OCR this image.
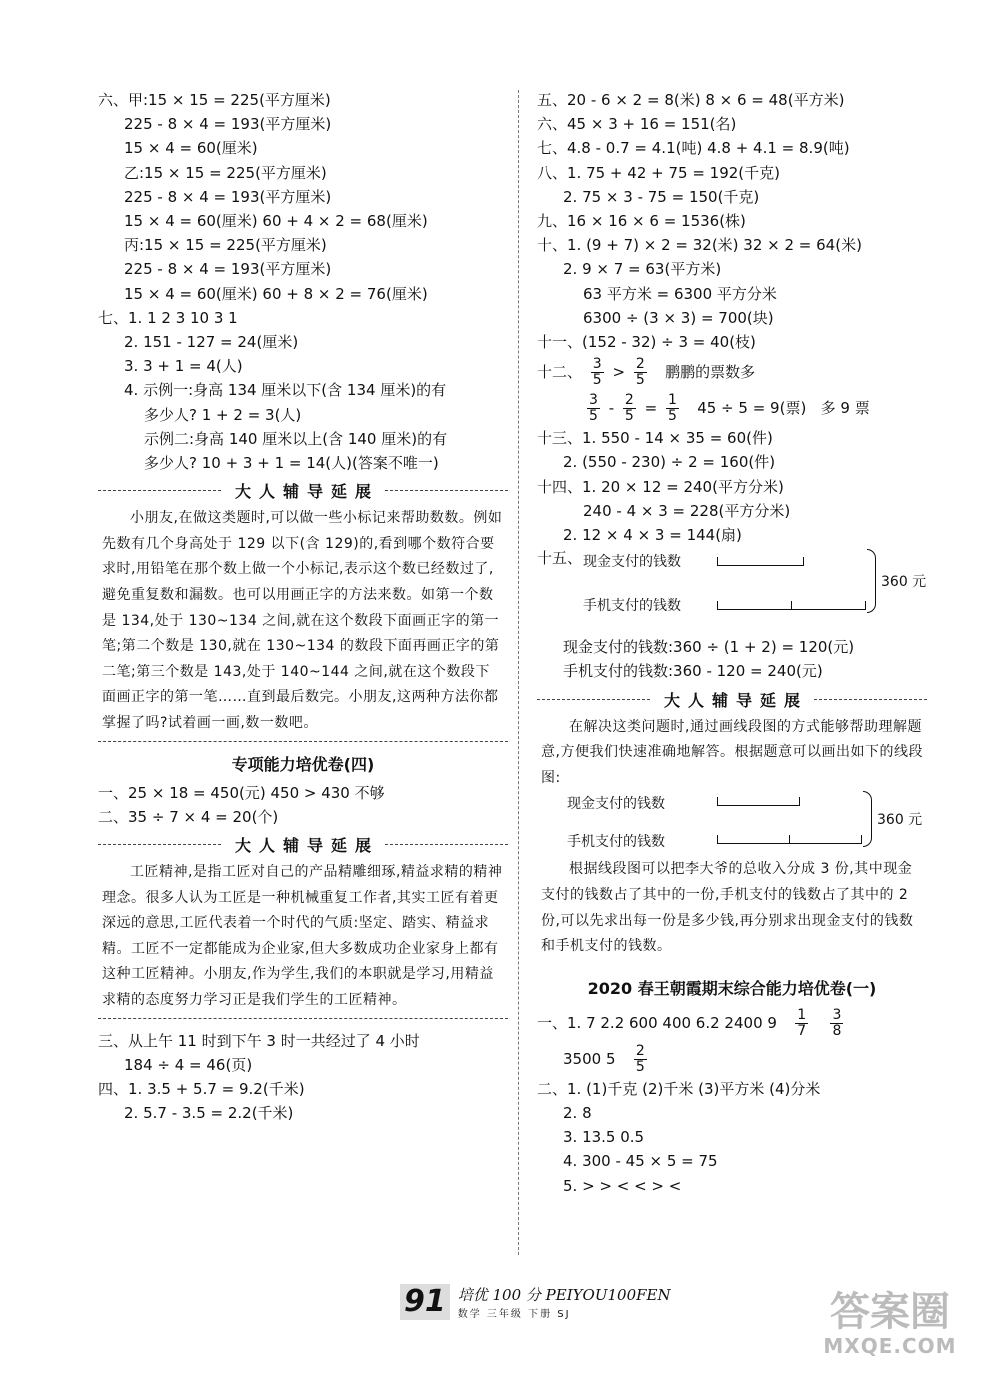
六、甲:15 × 15 = 225(平方厘米)
225 - 8 × 4 = 193(平方厘米)
15 × 4 = 60(厘米)
乙:15 × 15 = 225(平方厘米)
225 - 8 × 4 = 193(平方厘米)
15 × 4 = 60(厘米) 60 + 4 × 2 = 68(厘米)
丙:15 × 15 = 225(平方厘米)
225 - 8 × 4 = 193(平方厘米)
15 × 4 = 60(厘米) 60 + 8 × 2 = 76(厘米)
七、1. 1 2 3 10 3 1
2. 151 - 127 = 24(厘米)
3. 3 + 1 = 4(人)
4. 示例一:身高 134 厘米以下(含 134 厘米)的有
多少人? 1 + 2 = 3(人)
示例二:身高 140 厘米以上(含 140 厘米)的有
多少人? 10 + 3 + 1 = 14(人)(答案不唯一)
大人辅导延展
小朋友,在做这类题时,可以做一些小标记来帮助数数。例如先数有几个身高处于 129 以下(含 129)的,看到哪个数符合要求时,用铅笔在那个数上做一个小标记,表示这个数已经数过了,避免重复数和漏数。也可以用画正字的方法来数。如第一个数是 134,处于 130~134 之间,就在这个数段下面画正字的第一笔;第二个数是 130,就在 130~134 的数段下面再画正字的第二笔;第三个数是 143,处于 140~144 之间,就在这个数段下面画正字的第一笔……直到最后数完。小朋友,这两种方法你都掌握了吗?试着画一画,数一数吧。
专项能力培优卷(四)
一、25 × 18 = 450(元) 450 > 430 不够
二、35 ÷ 7 × 4 = 20(个)
大人辅导延展
工匠精神,是指工匠对自己的产品精雕细琢,精益求精的精神理念。很多人认为工匠是一种机械重复工作者,其实工匠有着更深远的意思,工匠代表着一个时代的气质:坚定、踏实、精益求精。工匠不一定都能成为企业家,但大多数成功企业家身上都有这种工匠精神。小朋友,作为学生,我们的本职就是学习,用精益求精的态度努力学习正是我们学生的工匠精神。
三、从上午 11 时到下午 3 时一共经过了 4 小时
184 ÷ 4 = 46(页)
四、1. 3.5 + 5.7 = 9.2(千米)
2. 5.7 - 3.5 = 2.2(千米)
五、20 - 6 × 2 = 8(米) 8 × 6 = 48(平方米)
六、45 × 3 + 16 = 151(名)
七、4.8 - 0.7 = 4.1(吨) 4.8 + 4.1 = 8.9(吨)
八、1. 75 + 42 + 75 = 192(千克)
2. 75 × 3 - 75 = 150(千克)
九、16 × 16 × 6 = 1536(株)
十、1. (9 + 7) × 2 = 32(米) 32 × 2 = 64(米)
2. 9 × 7 = 63(平方米)
63 平方米 = 6300 平方分米
6300 ÷ (3 × 3) = 700(块)
十一、(152 - 32) ÷ 3 = 40(枝)
十二、 $\frac{3}{5} > \frac{2}{5}$ 鹏鹏的票数多
$\frac{3}{5} - \frac{2}{5} = \frac{1}{5} 45 \div 5 = 9$(票) 多 9 票
十三、1. 550 - 14 × 35 = 60(件)
2. (550 - 230) ÷ 2 = 160(件)
十四、1. 20 × 12 = 240(平方分米)
240 - 4 × 3 = 228(平方分米)
2. 12 × 4 × 3 = 144(扇)
十五、 现金支付的钱数
手机支付的钱数
360 元
现金支付的钱数:360 ÷ (1 + 2) = 120(元)
手机支付的钱数:360 - 120 = 240(元)
大人辅导延展
在解决这类问题时,通过画线段图的方式能够帮助理解题意,方便我们快速准确地解答。根据题意可以画出如下的线段图:
现金支付的钱数
手机支付的钱数
360 元
根据线段图可以把李大爷的总收入分成 3 份,其中现金支付的钱数占了其中的一份,手机支付的钱数占了其中的 2 份,可以先求出每一份是多少钱,再分别求出现金支付的钱数和手机支付的钱数。
2020 春王朝霞期末综合能力培优卷(一)
一、1. 7 2.2 600 400 6.2 2400 $9 \frac{1}{7}$
$\frac{3}{8}$
3500 $5 \frac{2}{5}$
二、1. (1)千克 (2)千米 (3)平方米 (4)分米
2. 8
3. 13.5 0.5
4. 300 - 45 × 5 = 75
5. > > < < > <
91 培优 100 分 PEIYOU100FEN
数学 三年级 下册 SJ	答案圈
MXQE.COM
